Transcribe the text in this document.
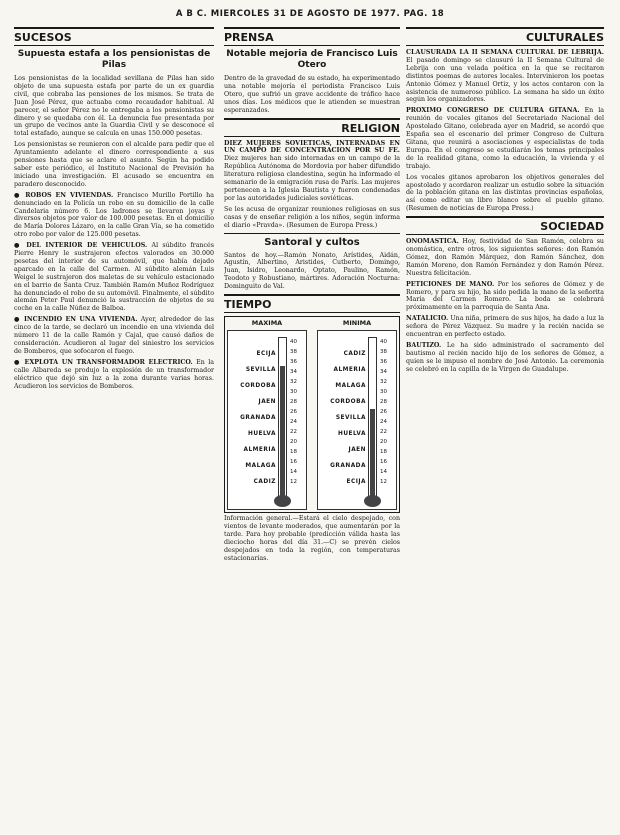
A B C. MIERCOLES 31 DE AGOSTO DE 1977. PAG. 18
SUCESOS
Supuesta estafa a los pensionistas de Pilas

Los pensionistas de la localidad sevillana de Pilas han sido objeto de una supuesta estafa por parte de un ex guardia civil, que cobraba las pensiones de los mismos. Se trata de Juan José Pérez, que actuaba como recaudador habitual. Al parecer, el señor Pérez no le entregaba a los pensionistas su dinero y se quedaba con él. La denuncia fue presentada por un grupo de vecinos ante la Guardia Civil y se desconoce el total estafado, aunque se calcula en unas 150.000 pesetas.

Los pensionistas se reunieron con el alcalde para pedir que el Ayuntamiento adelante el dinero correspondiente a sus pensiones hasta que se aclare el asunto. Según ha podido saber este periódico, el Instituto Nacional de Previsión ha iniciado una investigación. El acusado se encuentra en paradero desconocido.

● ROBOS EN VIVIENDAS. Francisco Murillo Portillo ha denunciado en la Policía un robo en su domicilio de la calle Candelaria número 6. Los ladrones se llevaron joyas y diversos objetos por valor de 100.000 pesetas. En el domicilio de María Dolores Lázaro, en la calle Gran Vía, se ha cometido otro robo por valor de 125.000 pesetas.

● DEL INTERIOR DE VEHICULOS. Al súbdito francés Pierre Henry le sustrajeron efectos valorados en 30.000 pesetas del interior de su automóvil, que había dejado aparcado en la calle del Carmen. Al súbdito alemán Luis Weigel le sustrajeron dos maletas de su vehículo estacionado en el barrio de Santa Cruz. También Ramón Muñoz Rodríguez ha denunciado el robo de su automóvil. Finalmente, el súbdito alemán Peter Paul denunció la sustracción de objetos de su coche en la calle Núñez de Balboa.

● INCENDIO EN UNA VIVIENDA. Ayer, alrededor de las cinco de la tarde, se declaró un incendio en una vivienda del número 11 de la calle Ramón y Cajal, que causó daños de consideración. Acudieron al lugar del siniestro los servicios de Bomberos, que sofocaron el fuego.

● EXPLOTA UN TRANSFORMADOR ELECTRICO. En la calle Albareda se produjo la explosión de un transformador eléctrico que dejó sin luz a la zona durante varias horas. Acudieron los servicios de Bomberos.

PRENSA
Notable mejoria de Francisco Luis Otero

Dentro de la gravedad de su estado, ha experimentado una notable mejoría el periodista Francisco Luis Otero, que sufrió un grave accidente de tráfico hace unos días. Los médicos que le atienden se muestran esperanzados.

RELIGION

DIEZ MUJERES SOVIETICAS, INTERNADAS EN UN CAMPO DE CONCENTRACION POR SU FE. Diez mujeres han sido internadas en un campo de la República Autónoma de Mordovia por haber difundido literatura religiosa clandestina, según ha informado el semanario de la emigración rusa de París. Las mujeres pertenecen a la Iglesia Bautista y fueron condenadas por las autoridades judiciales soviéticas.

Se les acusa de organizar reuniones religiosas en sus casas y de enseñar religión a los niños, según informa el diario «Pravda». (Resumen de Europa Press.)

Santoral y cultos

Santos de hoy.—Ramón Nonato, Arístides, Aidán, Agustín, Albertino, Aristides, Cutberto, Domingo, Juan, Isidro, Leonardo, Optato, Paulino, Ramón, Teodoto y Robustiano, mártires. Adoración Nocturna: Dominguito de Val.

TIEMPO
MAXIMA
40
38
36
34
32
30
28
26
24
22
20
18
16
14
12
ECIJA
SEVILLA
CORDOBA
JAEN
GRANADA
HUELVA
ALMERIA
MALAGA
CADIZ
MINIMA
40
38
36
34
32
30
28
26
24
22
20
18
16
14
12
CADIZ
ALMERIA
MALAGA
CORDOBA
SEVILLA
HUELVA
JAEN
GRANADA
ECIJA

Información general.—Estará el cielo despejado, con vientos de levante moderados, que aumentarán por la tarde. Para hoy probable (predicción válida hasta las dieciocho horas del día 31.—C) se prevén cielos despejados en toda la región, con temperaturas estacionarias.

CULTURALES

CLAUSURADA LA II SEMANA CULTURAL DE LEBRIJA. El pasado domingo se clausuró la II Semana Cultural de Lebrija con una velada poética en la que se recitaron distintos poemas de autores locales. Intervinieron los poetas Antonio Gómez y Manuel Ortiz, y los actos contaron con la asistencia de numeroso público. La semana ha sido un éxito según los organizadores.

PROXIMO CONGRESO DE CULTURA GITANA. En la reunión de vocales gitanos del Secretariado Nacional del Apostolado Gitano, celebrada ayer en Madrid, se acordó que España sea el escenario del primer Congreso de Cultura Gitana, que reunirá a asociaciones y especialistas de toda Europa. En el congreso se estudiarán los temas principales de la realidad gitana, como la educación, la vivienda y el trabajo.

Los vocales gitanos aprobaron los objetivos generales del apostolado y acordaron realizar un estudio sobre la situación de la población gitana en las distintas provincias españolas, así como editar un libro blanco sobre el pueblo gitano. (Resumen de noticias de Europa Press.)

SOCIEDAD

ONOMASTICA. Hoy, festividad de San Ramón, celebra su onomástica, entre otros, los siguientes señores: don Ramón Gómez, don Ramón Márquez, don Ramón Sánchez, don Ramón Moreno, don Ramón Fernández y don Ramón Pérez. Nuestra felicitación.

PETICIONES DE MANO. Por los señores de Gómez y de Romero, y para su hijo, ha sido pedida la mano de la señorita María del Carmen Romero. La boda se celebrará próximamente en la parroquia de Santa Ana.

NATALICIO. Una niña, primera de sus hijos, ha dado a luz la señora de Pérez Vázquez. Su madre y la recién nacida se encuentran en perfecto estado.

BAUTIZO. Le ha sido administrado el sacramento del bautismo al recién nacido hijo de los señores de Gómez, a quien se le impuso el nombre de José Antonio. La ceremonia se celebró en la capilla de la Virgen de Guadalupe.
